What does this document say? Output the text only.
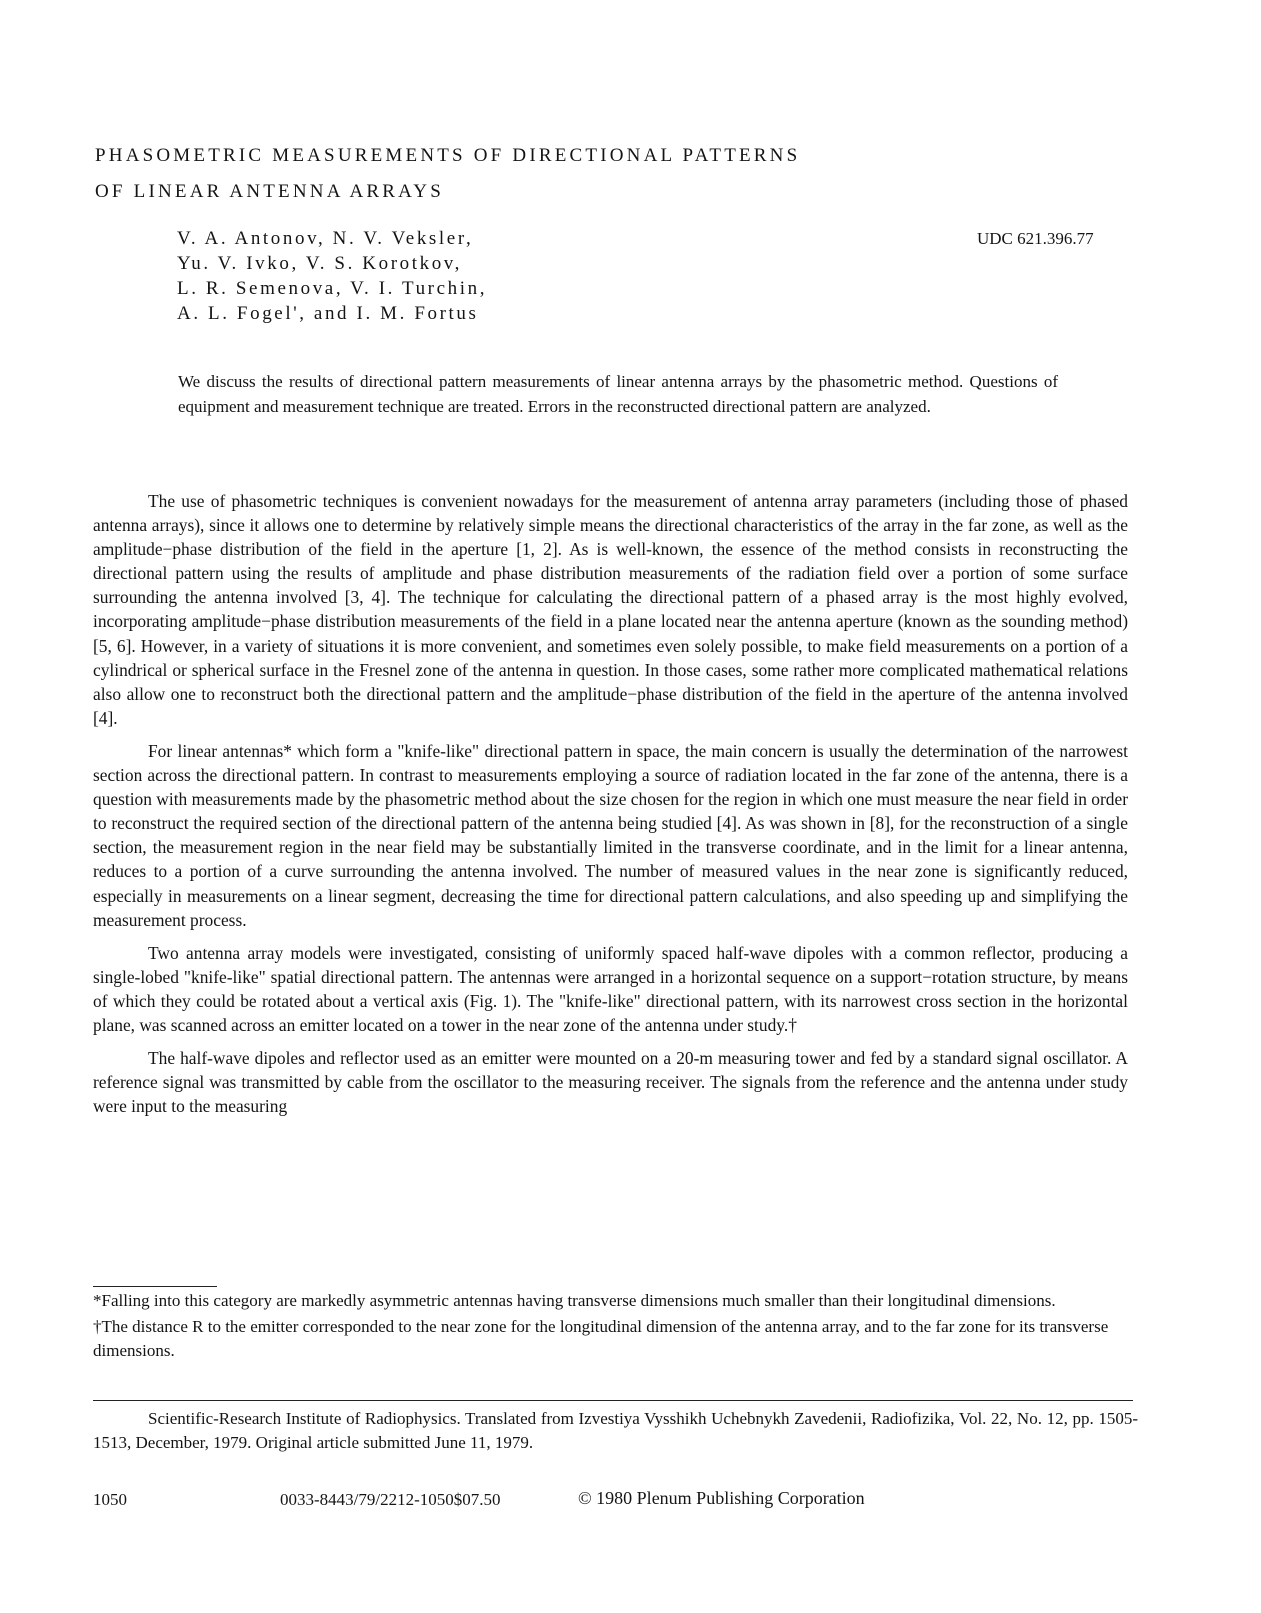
PHASOMETRIC MEASUREMENTS OF DIRECTIONAL PATTERNS
OF LINEAR ANTENNA ARRAYS
V. A. Antonov, N. V. Veksler,
Yu. V. Ivko, V. S. Korotkov,
L. R. Semenova, V. I. Turchin,
A. L. Fogel', and I. M. Fortus
UDC 621.396.77
We discuss the results of directional pattern measurements of linear antenna arrays by the phasometric method. Questions of equipment and measurement technique are treated. Errors in the reconstructed directional pattern are analyzed.

The use of phasometric techniques is convenient nowadays for the measurement of antenna array parameters (including those of phased antenna arrays), since it allows one to determine by relatively simple means the directional characteristics of the array in the far zone, as well as the amplitude−phase distribution of the field in the aperture [1, 2]. As is well-known, the essence of the method consists in reconstructing the directional pattern using the results of amplitude and phase distribution measurements of the radiation field over a portion of some surface surrounding the antenna involved [3, 4]. The technique for calculating the directional pattern of a phased array is the most highly evolved, incorporating amplitude−phase distribution measurements of the field in a plane located near the antenna aperture (known as the sounding method) [5, 6]. However, in a variety of situations it is more convenient, and sometimes even solely possible, to make field measurements on a portion of a cylindrical or spherical surface in the Fresnel zone of the antenna in question. In those cases, some rather more complicated mathematical relations also allow one to reconstruct both the directional pattern and the amplitude−phase distribution of the field in the aperture of the antenna involved [4].

For linear antennas* which form a "knife-like" directional pattern in space, the main concern is usually the determination of the narrowest section across the directional pattern. In contrast to measurements employing a source of radiation located in the far zone of the antenna, there is a question with measurements made by the phasometric method about the size chosen for the region in which one must measure the near field in order to reconstruct the required section of the directional pattern of the antenna being studied [4]. As was shown in [8], for the reconstruction of a single section, the measurement region in the near field may be substantially limited in the transverse coordinate, and in the limit for a linear antenna, reduces to a portion of a curve surrounding the antenna involved. The number of measured values in the near zone is significantly reduced, especially in measurements on a linear segment, decreasing the time for directional pattern calculations, and also speeding up and simplifying the measurement process.

Two antenna array models were investigated, consisting of uniformly spaced half-wave dipoles with a common reflector, producing a single-lobed "knife-like" spatial directional pattern. The antennas were arranged in a horizontal sequence on a support−rotation structure, by means of which they could be rotated about a vertical axis (Fig. 1). The "knife-like" directional pattern, with its narrowest cross section in the horizontal plane, was scanned across an emitter located on a tower in the near zone of the antenna under study.†

The half-wave dipoles and reflector used as an emitter were mounted on a 20-m measuring tower and fed by a standard signal oscillator. A reference signal was transmitted by cable from the oscillator to the measuring receiver. The signals from the reference and the antenna under study were input to the measuring

*Falling into this category are markedly asymmetric antennas having transverse dimensions much smaller than their longitudinal dimensions.

†The distance R to the emitter corresponded to the near zone for the longitudinal dimension of the antenna array, and to the far zone for its transverse dimensions.

Scientific-Research Institute of Radiophysics. Translated from Izvestiya Vysshikh Uchebnykh Zavedenii, Radiofizika, Vol. 22, No. 12, pp. 1505-1513, December, 1979. Original article submitted June 11, 1979.
1050	0033-8443/79/2212-1050$07.50	© 1980 Plenum Publishing Corporation
